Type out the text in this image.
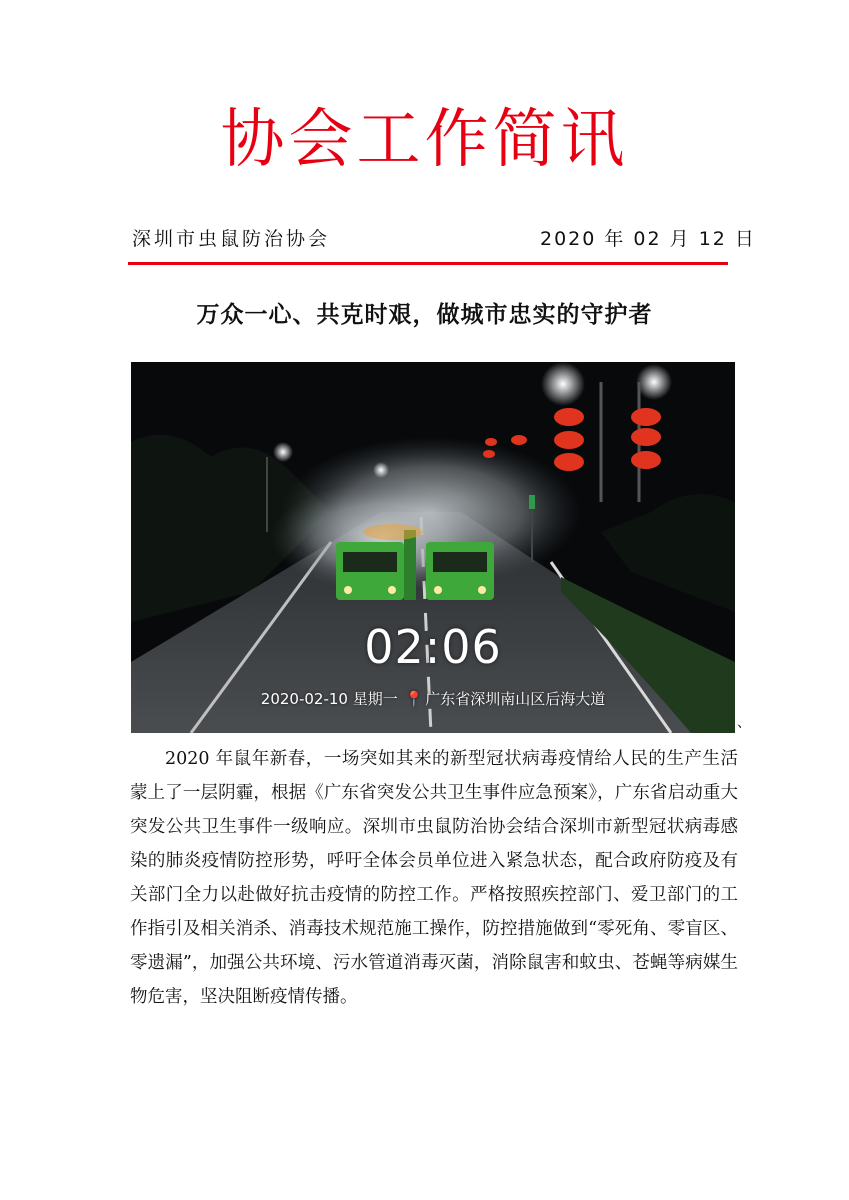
协会工作简讯
深圳市虫鼠防治协会	2020 年 02 月 12 日
万众一心、共克时艰，做城市忠实的守护者
02:06
2020-02-10 星期一 📍 广东省深圳南山区后海大道
、
2020 年鼠年新春，一场突如其来的新型冠状病毒疫情给人民的生产生活蒙上了一层阴霾，根据《广东省突发公共卫生事件应急预案》，广东省启动重大突发公共卫生事件一级响应。深圳市虫鼠防治协会结合深圳市新型冠状病毒感染的肺炎疫情防控形势，呼吁全体会员单位进入紧急状态，配合政府防疫及有关部门全力以赴做好抗击疫情的防控工作。严格按照疾控部门、爱卫部门的工作指引及相关消杀、消毒技术规范施工操作，防控措施做到“零死角、零盲区、零遗漏”，加强公共环境、污水管道消毒灭菌，消除鼠害和蚊虫、苍蝇等病媒生物危害，坚决阻断疫情传播。
